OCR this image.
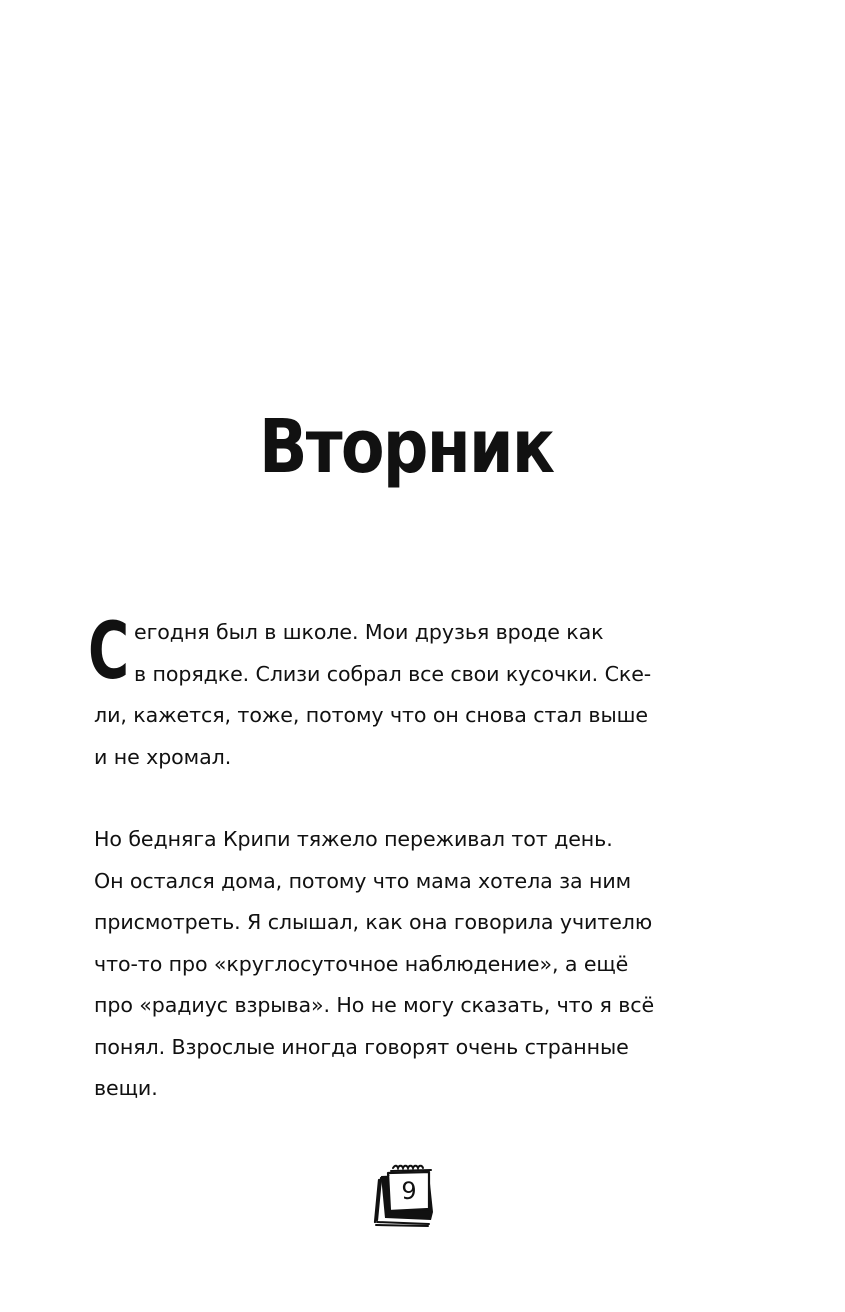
Вторник
С егодня был в школе. Мои друзья вроде как
в порядке. Слизи собрал все свои кусочки. Ске-
ли, кажется, тоже, потому что он снова стал выше
и не хромал.

Но бедняга Крипи тяжело переживал тот день.
Он остался дома, потому что мама хотела за ним
присмотреть. Я слышал, как она говорила учителю
что-то про «круглосуточное наблюдение», а ещё
про «радиус взрыва». Но не могу сказать, что я всё
понял. Взрослые иногда говорят очень странные
вещи.

9
